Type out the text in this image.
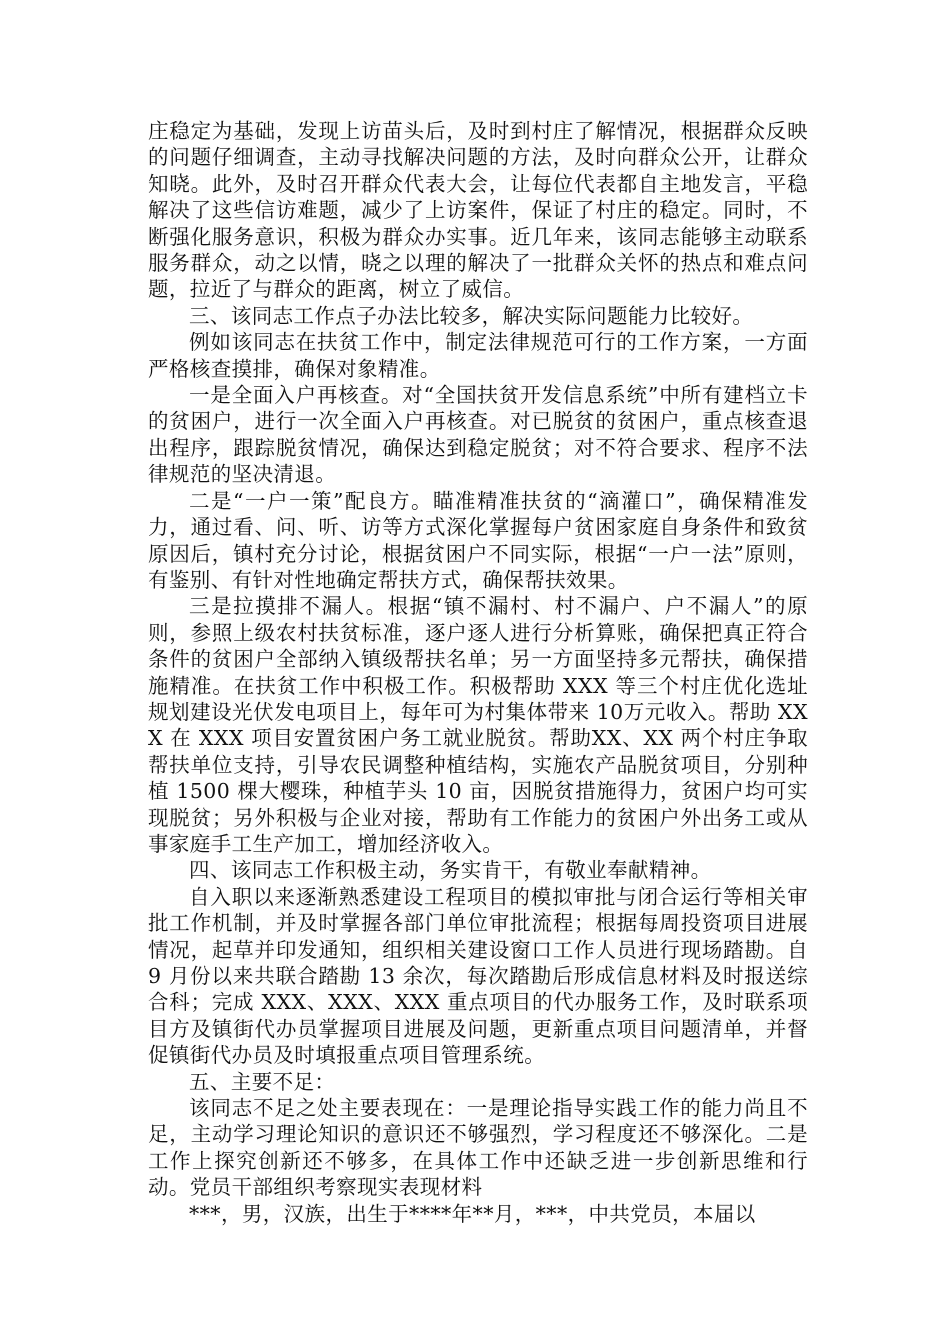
庄稳定为基础，发现上访苗头后，及时到村庄了解情况，根据群众反映的问题仔细调查，主动寻找解决问题的方法，及时向群众公开，让群众知晓。此外，及时召开群众代表大会，让每位代表都自主地发言，平稳解决了这些信访难题，减少了上访案件，保证了村庄的稳定。同时，不断强化服务意识，积极为群众办实事。近几年来，该同志能够主动联系服务群众，动之以情，晓之以理的解决了一批群众关怀的热点和难点问题，拉近了与群众的距离，树立了威信。

三、该同志工作点子办法比较多，解决实际问题能力比较好。

例如该同志在扶贫工作中，制定法律规范可行的工作方案，一方面严格核查摸排，确保对象精准。

一是全面入户再核查。对“全国扶贫开发信息系统”中所有建档立卡的贫困户，进行一次全面入户再核查。对已脱贫的贫困户，重点核查退出程序，跟踪脱贫情况，确保达到稳定脱贫；对不符合要求、程序不法律规范的坚决清退。

二是“一户一策”配良方。瞄准精准扶贫的“滴灌口”，确保精准发力，通过看、问、听、访等方式深化掌握每户贫困家庭自身条件和致贫原因后，镇村充分讨论，根据贫困户不同实际，根据“一户一法”原则，有鉴别、有针对性地确定帮扶方式，确保帮扶效果。

三是拉摸排不漏人。根据“镇不漏村、村不漏户、户不漏人”的原则，参照上级农村扶贫标准，逐户逐人进行分析算账，确保把真正符合条件的贫困户全部纳入镇级帮扶名单；另一方面坚持多元帮扶，确保措施精准。在扶贫工作中积极工作。积极帮助 XXX 等三个村庄优化选址规划建设光伏发电项目上，每年可为村集体带来 10万元收入。帮助 XXX 在 XXX 项目安置贫困户务工就业脱贫。帮助XX、XX 两个村庄争取帮扶单位支持，引导农民调整种植结构，实施农产品脱贫项目，分别种植 1500 棵大樱珠，种植芋头 10 亩，因脱贫措施得力，贫困户均可实现脱贫；另外积极与企业对接，帮助有工作能力的贫困户外出务工或从事家庭手工生产加工，增加经济收入。

四、该同志工作积极主动，务实肯干，有敬业奉献精神。

自入职以来逐渐熟悉建设工程项目的模拟审批与闭合运行等相关审批工作机制，并及时掌握各部门单位审批流程；根据每周投资项目进展情况，起草并印发通知，组织相关建设窗口工作人员进行现场踏勘。自 9 月份以来共联合踏勘 13 余次，每次踏勘后形成信息材料及时报送综合科；完成 XXX、XXX、XXX 重点项目的代办服务工作，及时联系项目方及镇街代办员掌握项目进展及问题，更新重点项目问题清单，并督促镇街代办员及时填报重点项目管理系统。

五、主要不足：

该同志不足之处主要表现在：一是理论指导实践工作的能力尚且不足，主动学习理论知识的意识还不够强烈，学习程度还不够深化。二是工作上探究创新还不够多，在具体工作中还缺乏进一步创新思维和行动。党员干部组织考察现实表现材料

***，男，汉族，出生于****年**月，***，中共党员，本届以
